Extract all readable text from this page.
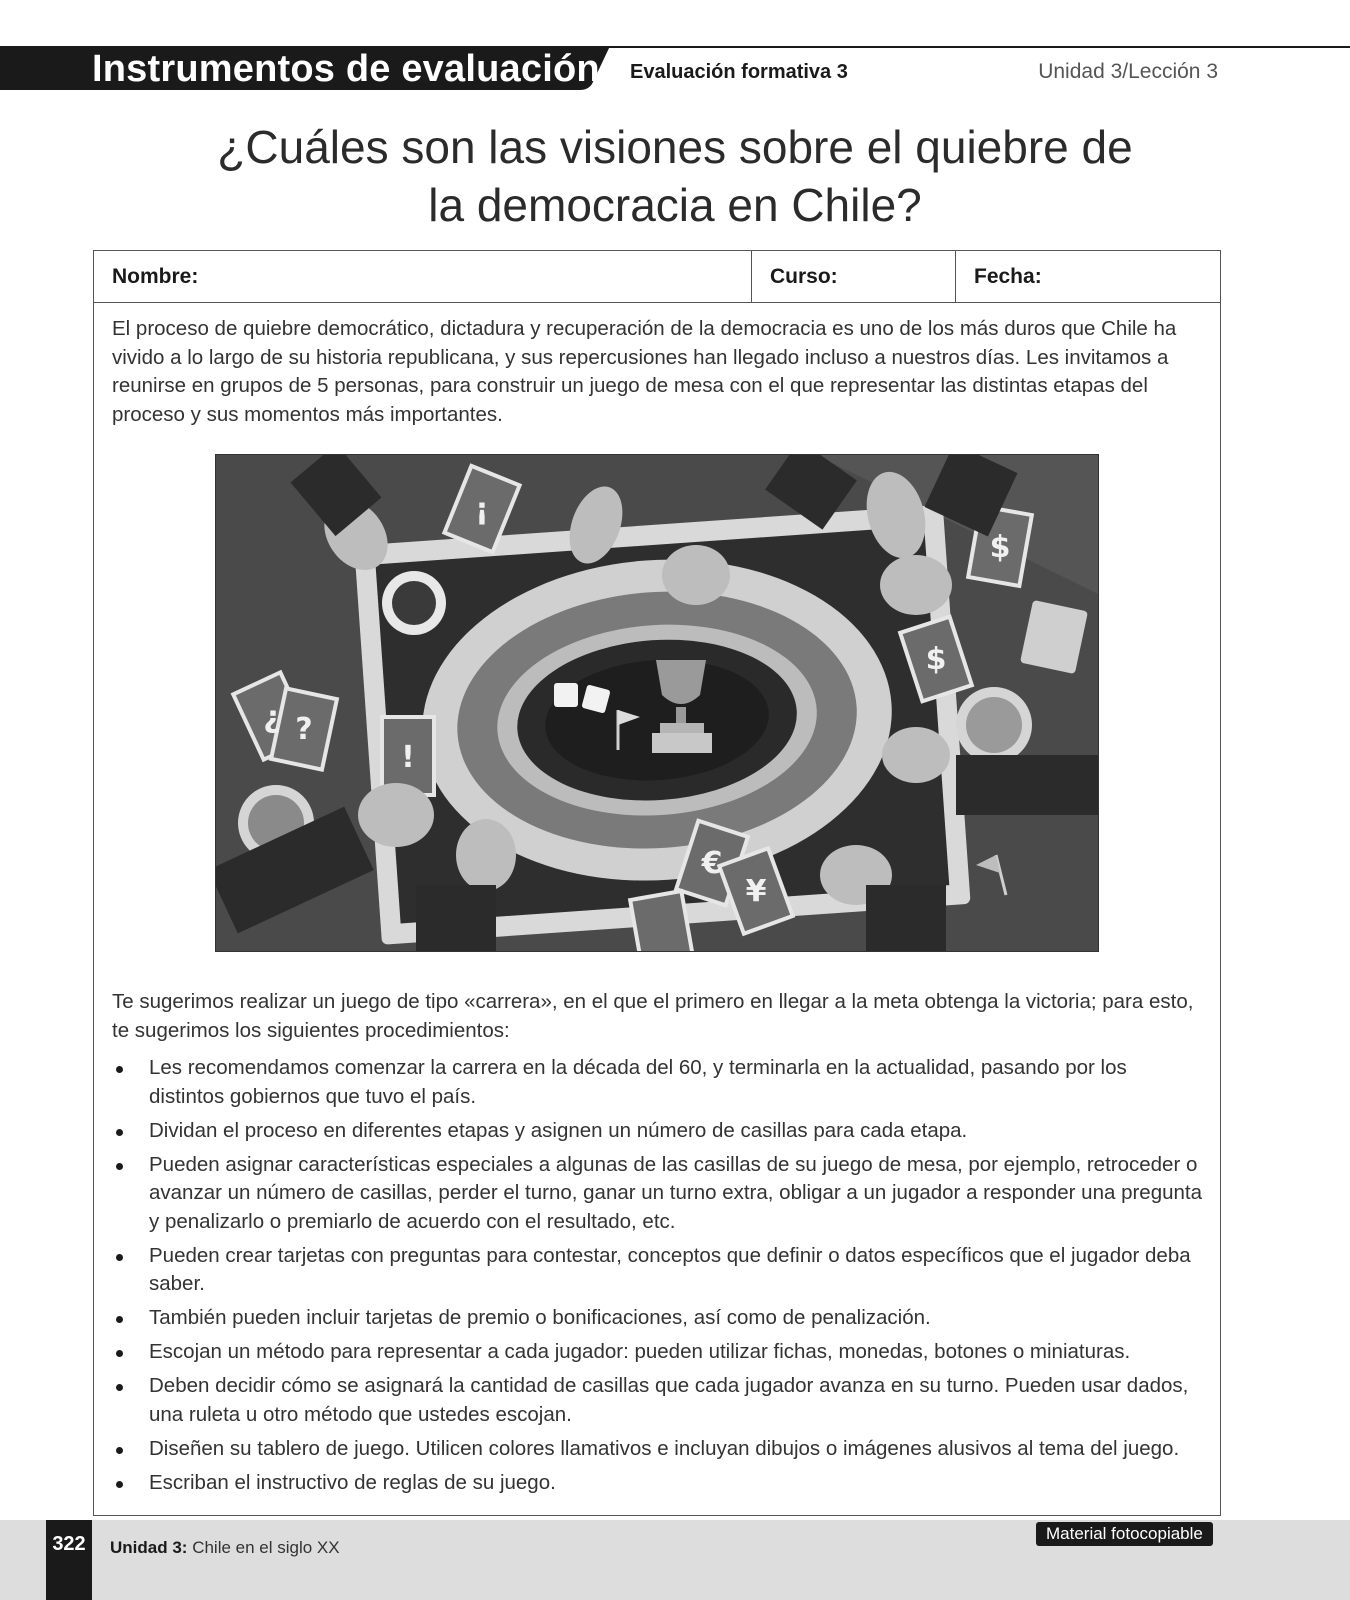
Instrumentos de evaluación Evaluación formativa 3	Unidad 3/Lección 3
¿Cuáles son las visiones sobre el quiebre de
la democracia en Chile?
Nombre:	Curso:	Fecha:

El proceso de quiebre democrático, dictadura y recuperación de la democracia es uno de los más duros que Chile ha vivido a lo largo de su historia republicana, y sus repercusiones han llegado incluso a nuestros días. Les invitamos a reunirse en grupos de 5 personas, para construir un juego de mesa con el que representar las distintas etapas del proceso y sus momentos más importantes.

¡
¿ ?
!
$
$
€
¥

Te sugerimos realizar un juego de tipo «carrera», en el que el primero en llegar a la meta obtenga la victoria; para esto, te sugerimos los siguientes procedimientos:

Les recomendamos comenzar la carrera en la década del 60, y terminarla en la actualidad, pasando por los distintos gobiernos que tuvo el país.
Dividan el proceso en diferentes etapas y asignen un número de casillas para cada etapa.
Pueden asignar características especiales a algunas de las casillas de su juego de mesa, por ejemplo, retroceder o avanzar un número de casillas, perder el turno, ganar un turno extra, obligar a un jugador a responder una pregunta y penalizarlo o premiarlo de acuerdo con el resultado, etc.
Pueden crear tarjetas con preguntas para contestar, conceptos que definir o datos específicos que el jugador deba saber.
También pueden incluir tarjetas de premio o bonificaciones, así como de penalización.
Escojan un método para representar a cada jugador: pueden utilizar fichas, monedas, botones o miniaturas.
Deben decidir cómo se asignará la cantidad de casillas que cada jugador avanza en su turno. Pueden usar dados, una ruleta u otro método que ustedes escojan.
Diseñen su tablero de juego. Utilicen colores llamativos e incluyan dibujos o imágenes alusivos al tema del juego.
Escriban el instructivo de reglas de su juego.
322	Unidad 3: Chile en el siglo XX
Material fotocopiable
